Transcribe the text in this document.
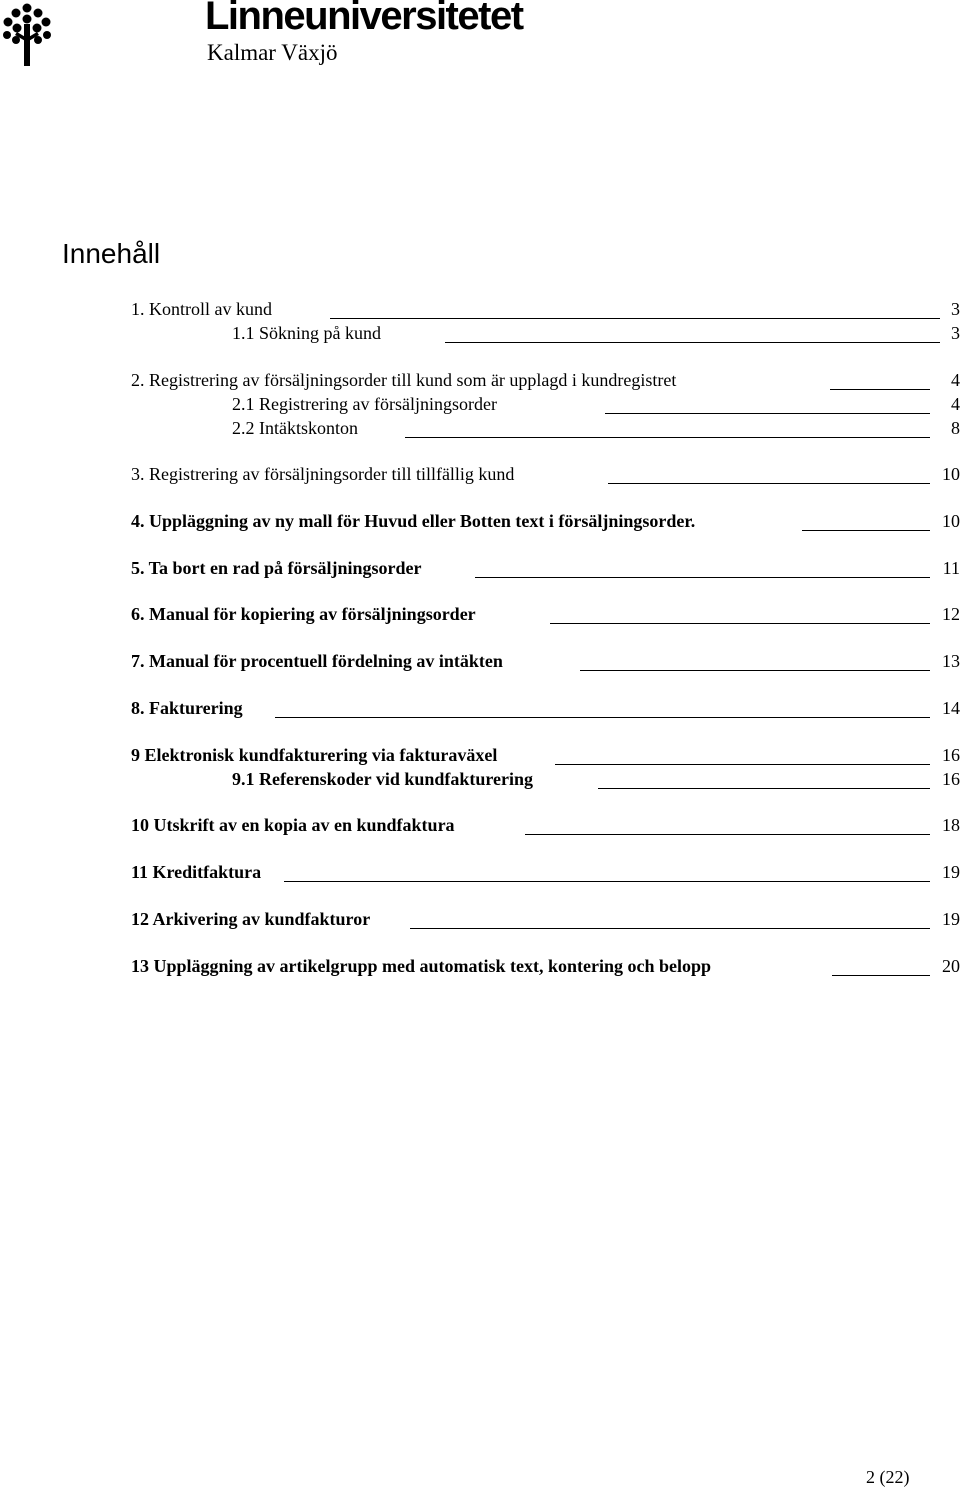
Linneuniversitetet
Kalmar Växjö
Innehåll
1. Kontroll av kund	3
1.1 Sökning på kund	3
2. Registrering av försäljningsorder till kund som är upplagd i kundregistret	4
2.1 Registrering av försäljningsorder	4
2.2 Intäktskonton	8
3. Registrering av försäljningsorder till tillfällig kund	10
4. Uppläggning av ny mall för Huvud eller Botten text i försäljningsorder.	10
5. Ta bort en rad på försäljningsorder	11
6. Manual för kopiering av försäljningsorder	12
7. Manual för procentuell fördelning av intäkten	13
8. Fakturering	14
9 Elektronisk kundfakturering via fakturaväxel	16
9.1 Referenskoder vid kundfakturering	16
10 Utskrift av en kopia av en kundfaktura	18
11 Kreditfaktura	19
12 Arkivering av kundfakturor	19
13 Uppläggning av artikelgrupp med automatisk text, kontering och belopp	20
2 (22)
